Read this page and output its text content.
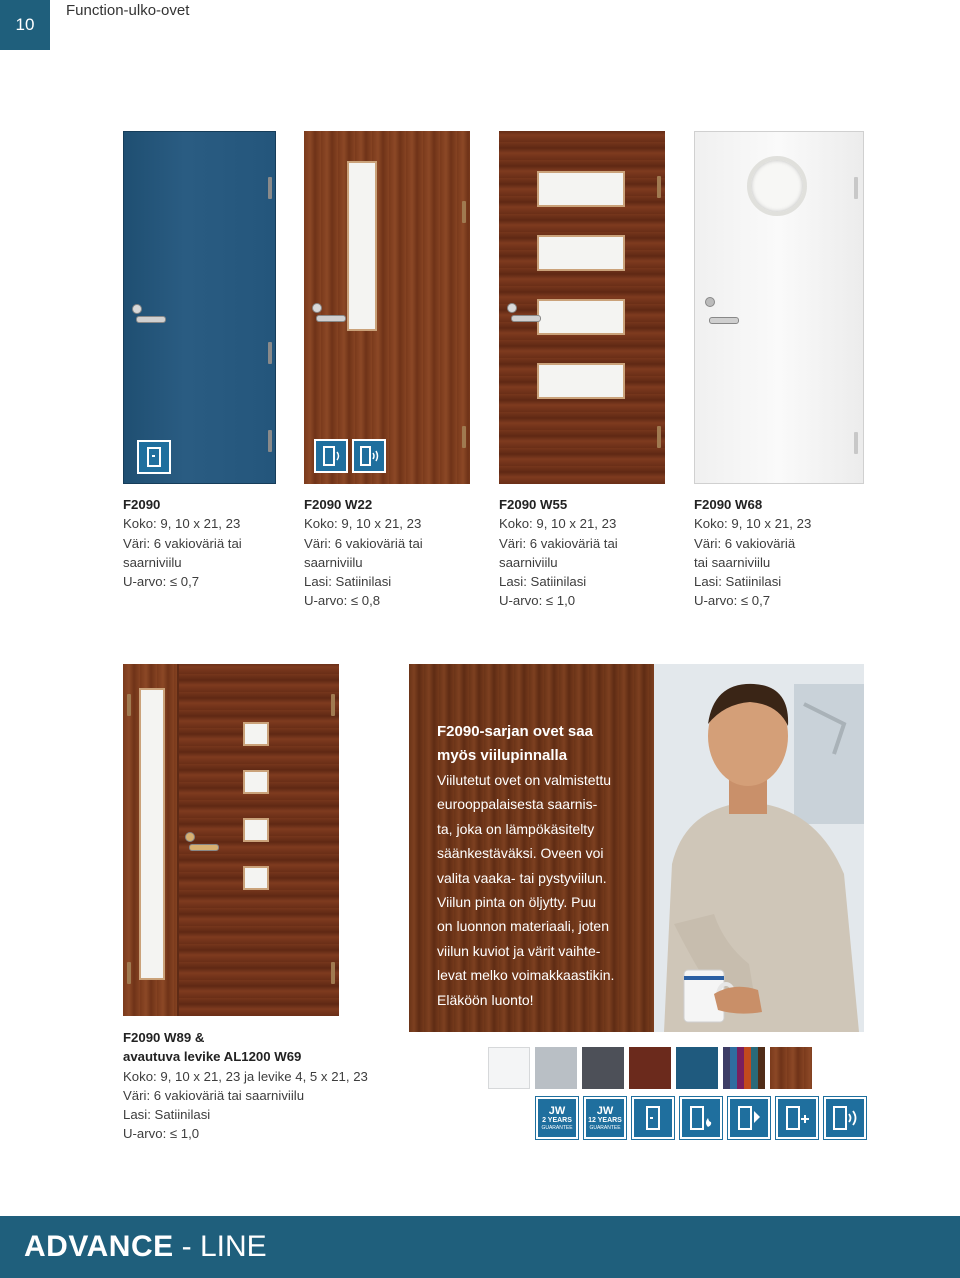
10
Function-ulko-ovet
F2090
Koko: 9, 10 x 21, 23
Väri: 6 vakioväriä tai
saarniviilu
U-arvo: ≤ 0,7
F2090 W22
Koko: 9, 10 x 21, 23
Väri: 6 vakioväriä tai
saarniviilu
Lasi: Satiinilasi
U-arvo: ≤ 0,8
F2090 W55
Koko: 9, 10 x 21, 23
Väri: 6 vakioväriä tai
saarniviilu
Lasi: Satiinilasi
U-arvo: ≤ 1,0
F2090 W68
Koko: 9, 10 x 21, 23
Väri: 6 vakioväriä
tai saarniviilu
Lasi: Satiinilasi
U-arvo: ≤ 0,7
F2090-sarjan ovet saa
myös viilupinnalla
Viilutetut ovet on valmistettu
eurooppalaisesta saarnis-
ta, joka on lämpökäsitelty
säänkestäväksi. Oveen voi
valita vaaka- tai pystyviilun.
Viilun pinta on öljytty. Puu
on luonnon materiaali, joten
viilun kuviot ja värit vaihte-
levat melko voimakkaastikin.
Eläköön luonto!
F2090 W89 &
avautuva levike AL1200 W69
Koko: 9, 10 x 21, 23 ja levike 4, 5 x 21, 23
Väri: 6 vakioväriä tai saarniviilu
Lasi: Satiinilasi
U-arvo: ≤ 1,0
JW
2 YEARS
GUARANTEE
JW
12 YEARS
GUARANTEE
ADVANCE - LINE
